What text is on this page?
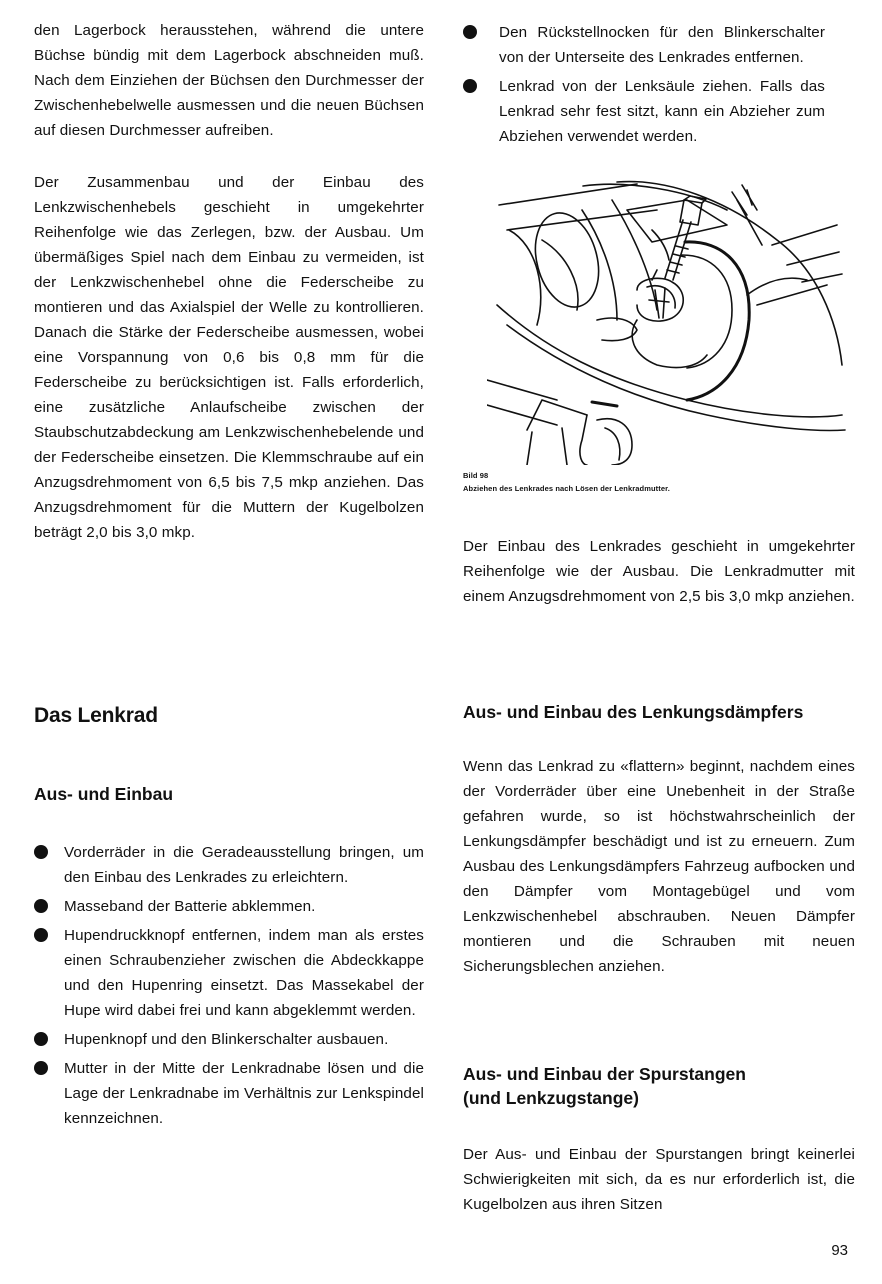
den Lagerbock herausstehen, während die untere Büchse bündig mit dem Lagerbock abschneiden muß. Nach dem Einziehen der Büchsen den Durchmesser der Zwischenhebelwelle ausmessen und die neuen Büchsen auf diesen Durchmesser aufreiben.

Der Zusammenbau und der Einbau des Lenkzwischenhebels geschieht in umgekehrter Reihenfolge wie das Zerlegen, bzw. der Ausbau. Um übermäßiges Spiel nach dem Einbau zu vermeiden, ist der Lenkzwischenhebel ohne die Federscheibe zu montieren und das Axialspiel der Welle zu kontrollieren. Danach die Stärke der Federscheibe ausmessen, wobei eine Vorspannung von 0,6 bis 0,8 mm für die Federscheibe zu berücksichtigen ist. Falls erforderlich, eine zusätzliche Anlaufscheibe zwischen der Staubschutzabdeckung am Lenkzwischenhebelende und der Federscheibe einsetzen. Die Klemmschraube auf ein Anzugsdrehmoment von 6,5 bis 7,5 mkp anziehen. Das Anzugsdrehmoment für die Muttern der Kugelbolzen beträgt 2,0 bis 3,0 mkp.

Das Lenkrad
Aus- und Einbau

Vorderräder in die Geradeausstellung bringen, um den Einbau des Lenkrades zu erleichtern.

Masseband der Batterie abklemmen.

Hupendruckknopf entfernen, indem man als erstes einen Schraubenzieher zwischen die Abdeckkappe und den Hupenring einsetzt. Das Massekabel der Hupe wird dabei frei und kann abgeklemmt werden.

Hupenknopf und den Blinkerschalter ausbauen.

Mutter in der Mitte der Lenkradnabe lösen und die Lage der Lenkradnabe im Verhältnis zur Lenkspindel kennzeichnen.

Den Rückstellnocken für den Blinkerschalter von der Unterseite des Lenkrades entfernen.

Lenkrad von der Lenksäule ziehen. Falls das Lenkrad sehr fest sitzt, kann ein Abzieher zum Abziehen verwendet werden.

Bild 98
Abziehen des Lenkrades nach Lösen der Lenkradmutter.

Der Einbau des Lenkrades geschieht in umgekehrter Reihenfolge wie der Ausbau. Die Lenkradmutter mit einem Anzugsdrehmoment von 2,5 bis 3,0 mkp anziehen.

Aus- und Einbau des Lenkungsdämpfers

Wenn das Lenkrad zu «flattern» beginnt, nachdem eines der Vorderräder über eine Unebenheit in der Straße gefahren wurde, so ist höchstwahrscheinlich der Lenkungsdämpfer beschädigt und ist zu erneuern. Zum Ausbau des Lenkungsdämpfers Fahrzeug aufbocken und den Dämpfer vom Montagebügel und vom Lenkzwischenhebel abschrauben. Neuen Dämpfer montieren und die Schrauben mit neuen Sicherungsblechen anziehen.

Aus- und Einbau der Spurstangen
(und Lenkzugstange)

Der Aus- und Einbau der Spurstangen bringt keinerlei Schwierigkeiten mit sich, da es nur erforderlich ist, die Kugelbolzen aus ihren Sitzen

93
